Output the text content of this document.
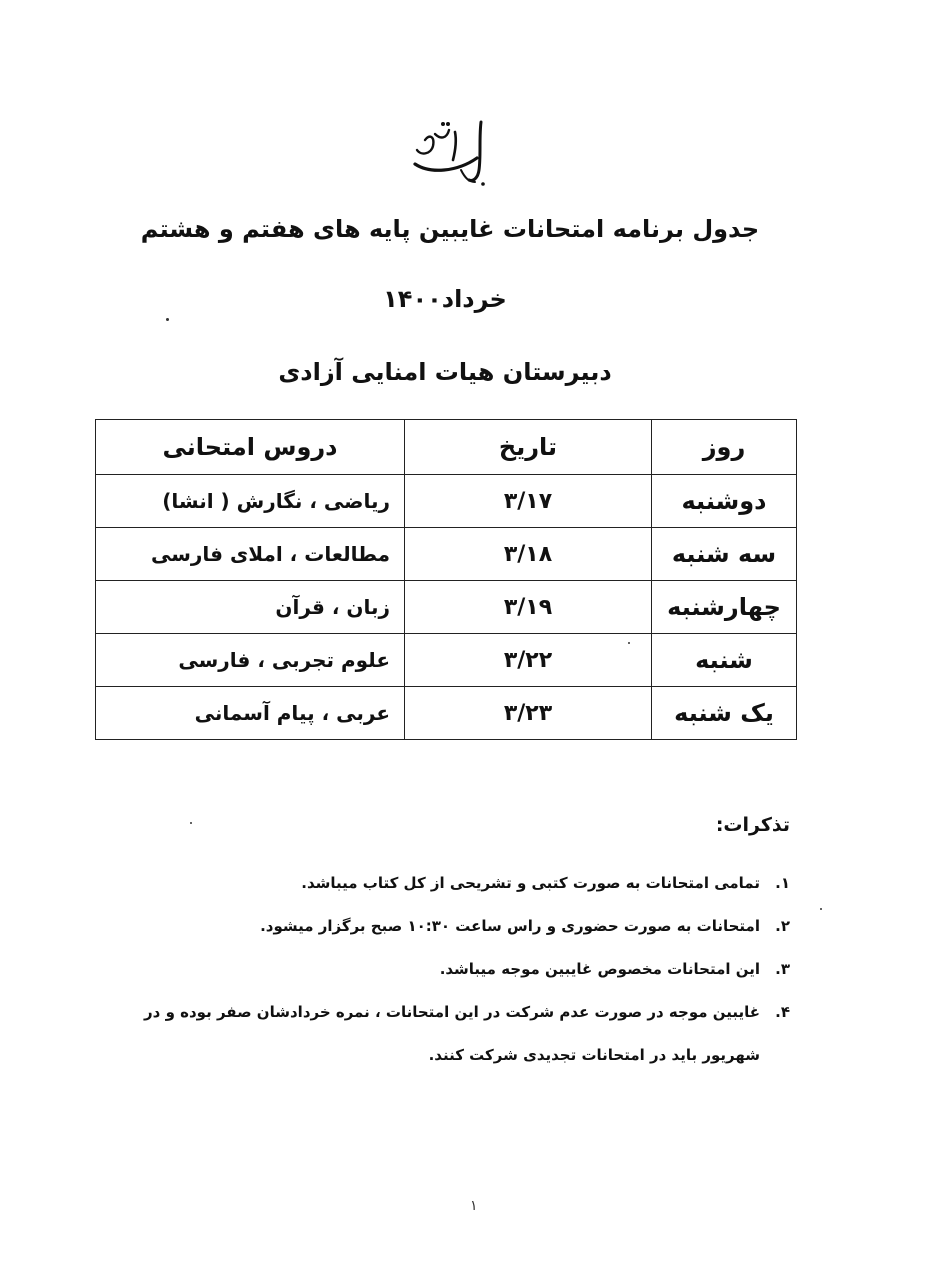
جدول برنامه امتحانات غایبین پایه های هفتم و هشتم
خرداد۱۴۰۰
دبیرستان هیات امنایی آزادی
روز	تاریخ	دروس امتحانی
دوشنبه	۳/۱۷	ریاضی ، نگارش ( انشا)
سه شنبه	۳/۱۸	مطالعات ، املای فارسی
چهارشنبه	۳/۱۹	زبان ، قرآن
شنبه	۳/۲۲	علوم تجربی ، فارسی
یک شنبه	۳/۲۳	عربی ، پیام آسمانی
تذکرات:
۱.تمامی امتحانات به صورت کتبی و تشریحی از کل کتاب میباشد.
۲.امتحانات به صورت حضوری و راس ساعت ۱۰:۳۰ صبح برگزار میشود.
۳.این امتحانات مخصوص غایبین موجه میباشد.
۴.غایبین موجه در صورت عدم شرکت در این امتحانات ، نمره خردادشان صفر بوده و در
شهریور باید در امتحانات تجدیدی شرکت کنند.
۱
